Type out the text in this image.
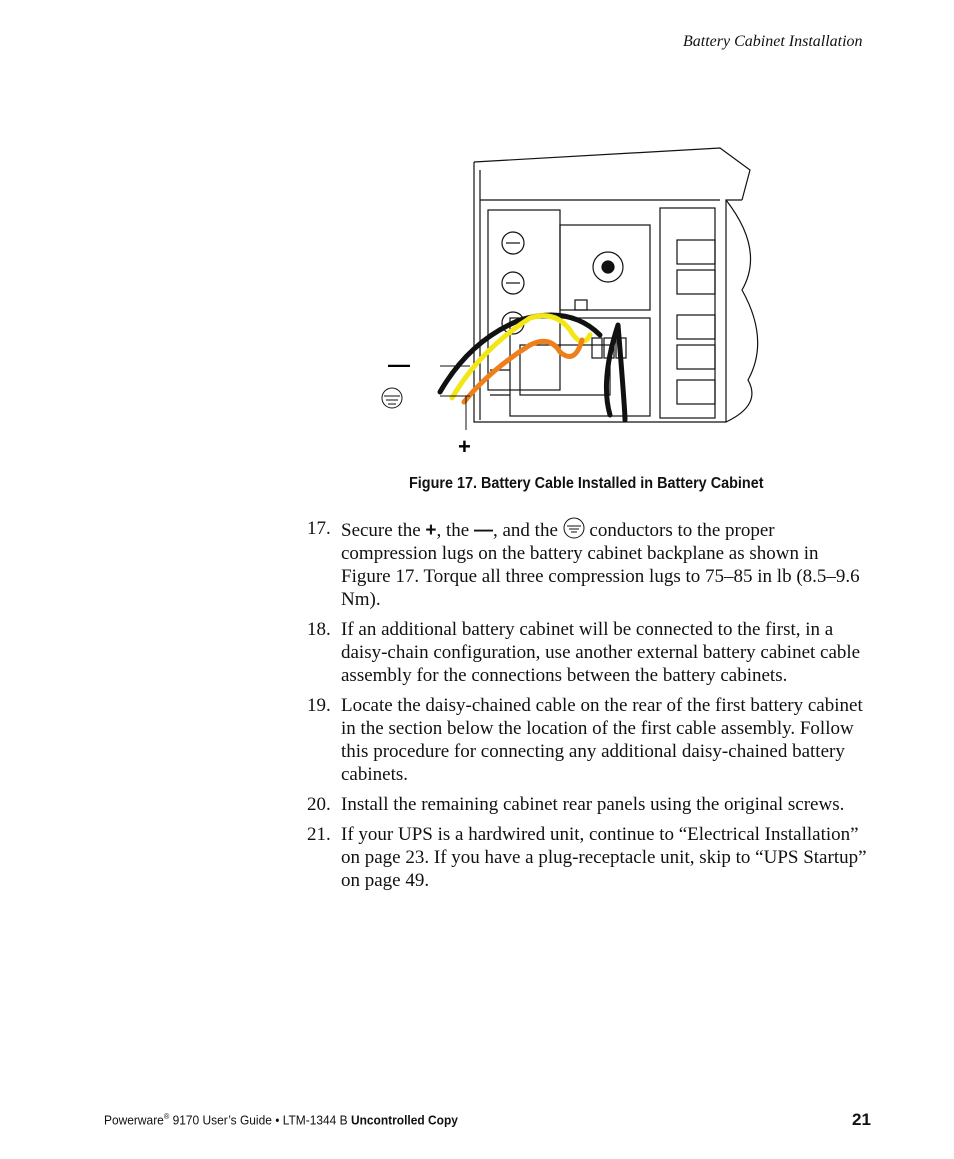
Battery Cabinet Installation
—
+
Figure 17. Battery Cable Installed in Battery Cabinet
17. Secure the +, the —, and the  conductors to the proper compression lugs on the battery cabinet backplane as shown in Figure 17. Torque all three compression lugs to 75–85 in lb (8.5–9.6 Nm).
18. If an additional battery cabinet will be connected to the first, in a daisy-chain configuration, use another external battery cabinet cable assembly for the connections between the battery cabinets.
19. Locate the daisy-chained cable on the rear of the first battery cabinet in the section below the location of the first cable assembly. Follow this procedure for connecting any additional daisy-chained battery cabinets.
20. Install the remaining cabinet rear panels using the original screws.
21. If your UPS is a hardwired unit, continue to “Electrical Installation” on page 23. If you have a plug-receptacle unit, skip to “UPS Startup” on page 49.
Powerware® 9170 User’s Guide • LTM-1344 B Uncontrolled Copy	21
